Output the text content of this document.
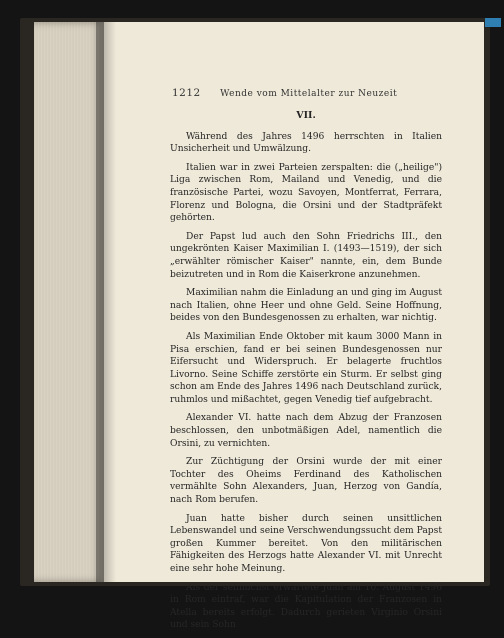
1212 Wende vom Mittelalter zur Neuzeit
VII.

Während des Jahres 1496 herrschten in Italien Unsicherheit und Umwälzung.

Italien war in zwei Parteien zerspalten: die („heilige") Liga zwischen Rom, Mailand und Venedig, und die französische Partei, wozu Savoyen, Montferrat, Ferrara, Florenz und Bologna, die Orsini und der Stadtpräfekt gehörten.

Der Papst lud auch den Sohn Friedrichs III., den ungekrönten Kaiser Maximilian I. (1493—1519), der sich „erwählter römischer Kaiser" nannte, ein, dem Bunde beizutreten und in Rom die Kaiserkrone anzunehmen.

Maximilian nahm die Einladung an und ging im August nach Italien, ohne Heer und ohne Geld. Seine Hoffnung, beides von den Bundesgenossen zu erhalten, war nichtig.

Als Maximilian Ende Oktober mit kaum 3000 Mann in Pisa erschien, fand er bei seinen Bundesgenossen nur Eifersucht und Widerspruch. Er belagerte fruchtlos Livorno. Seine Schiffe zerstörte ein Sturm. Er selbst ging schon am Ende des Jahres 1496 nach Deutschland zurück, ruhmlos und mißachtet, gegen Venedig tief aufgebracht.

Alexander VI. hatte nach dem Abzug der Franzosen beschlossen, den unbotmäßigen Adel, namentlich die Orsini, zu vernichten.

Zur Züchtigung der Orsini wurde der mit einer Tochter des Oheims Ferdinand des Katholischen vermählte Sohn Alexanders, Juan, Herzog von Gandía, nach Rom berufen.

Juan hatte bisher durch seinen unsittlichen Lebenswandel und seine Verschwendungssucht dem Papst großen Kummer bereitet. Von den militärischen Fähigkeiten des Herzogs hatte Alexander VI. mit Unrecht eine sehr hohe Meinung.

Als der sehnlichst erwartete Juan am 10. August 1496 in Rom eintraf, war die Kapitulation der Franzosen in Atella bereits erfolgt. Dadurch gerieten Virginio Orsini und sein Sohn
